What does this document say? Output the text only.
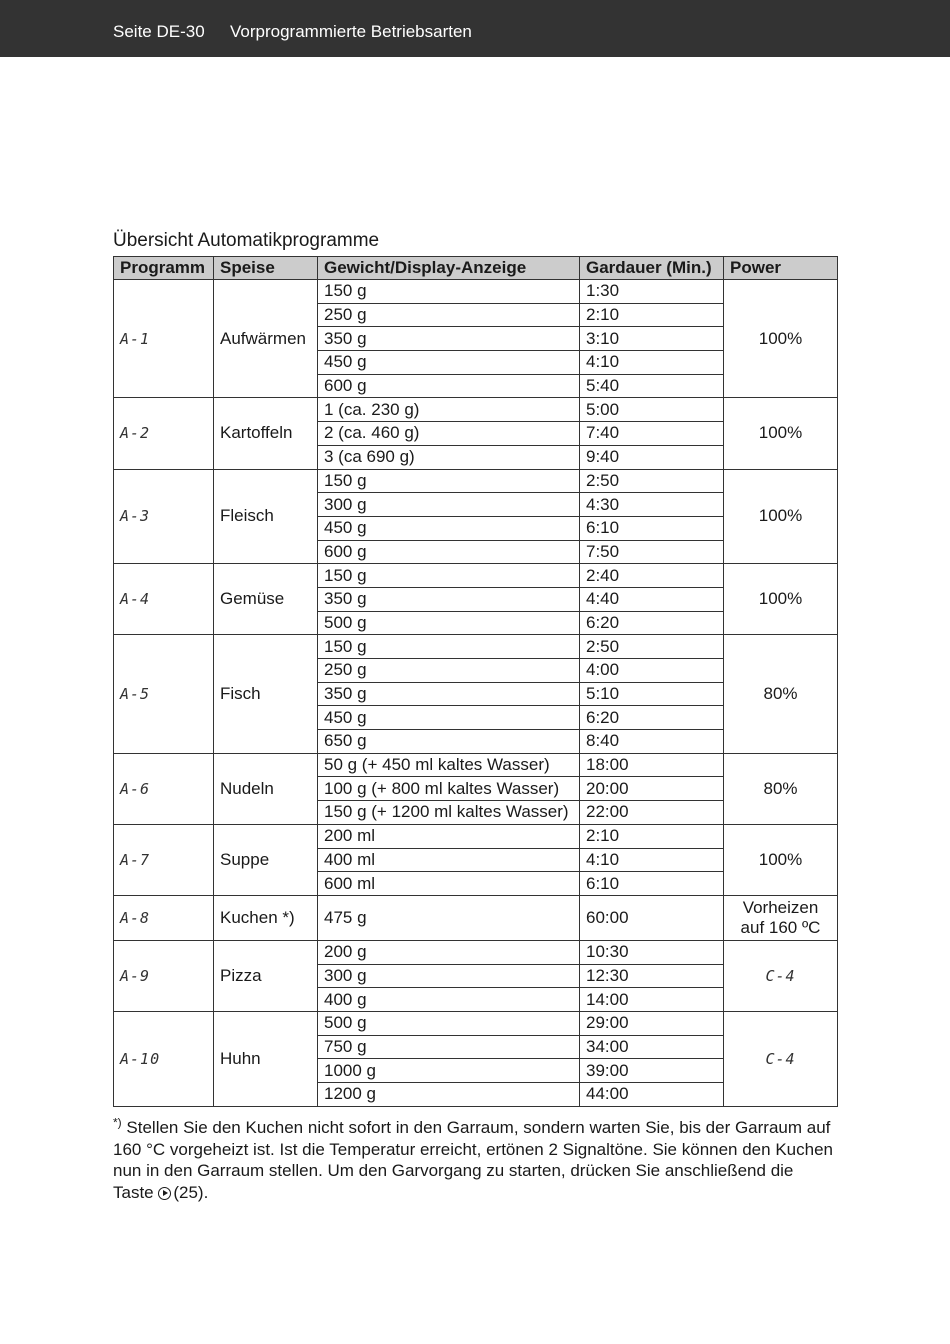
Seite DE-30 Vorprogrammierte Betriebsarten
Übersicht Automatikprogramme
Programm	Speise	Gewicht/Display-Anzeige	Gardauer (Min.)	Power
A-1	Aufwärmen	150 g	1:30	100%
		250 g	2:10	
		350 g	3:10	
		450 g	4:10	
		600 g	5:40	
A-2	Kartoffeln	1 (ca. 230 g)	5:00	100%
		2 (ca. 460 g)	7:40	
		3 (ca 690 g)	9:40	
A-3	Fleisch	150 g	2:50	100%
		300 g	4:30	
		450 g	6:10	
		600 g	7:50	
A-4	Gemüse	150 g	2:40	100%
		350 g	4:40	
		500 g	6:20	
A-5	Fisch	150 g	2:50	80%
		250 g	4:00	
		350 g	5:10	
		450 g	6:20	
		650 g	8:40	
A-6	Nudeln	50 g (+ 450 ml kaltes Wasser)	18:00	80%
		100 g (+ 800 ml kaltes Wasser)	20:00	
		150 g (+ 1200 ml kaltes Wasser)	22:00	
A-7	Suppe	200 ml	2:10	100%
		400 ml	4:10	
		600 ml	6:10	
A-8	Kuchen *)	475 g	60:00	Vorheizen
auf 160 ºC

A-9	Pizza	200 g	10:30	C-4
		300 g	12:30	
		400 g	14:00	
A-10	Huhn	500 g	29:00	C-4
		750 g	34:00	
		1000 g	39:00	
		1200 g	44:00	
*) Stellen Sie den Kuchen nicht sofort in den Garraum, sondern warten Sie, bis der Garraum auf 160 °C vorgeheizt ist. Ist die Temperatur erreicht, ertönen 2 Signaltöne. Sie können den Kuchen nun in den Garraum stellen. Um den Garvorgang zu starten, drücken Sie anschließend die Taste (25).
